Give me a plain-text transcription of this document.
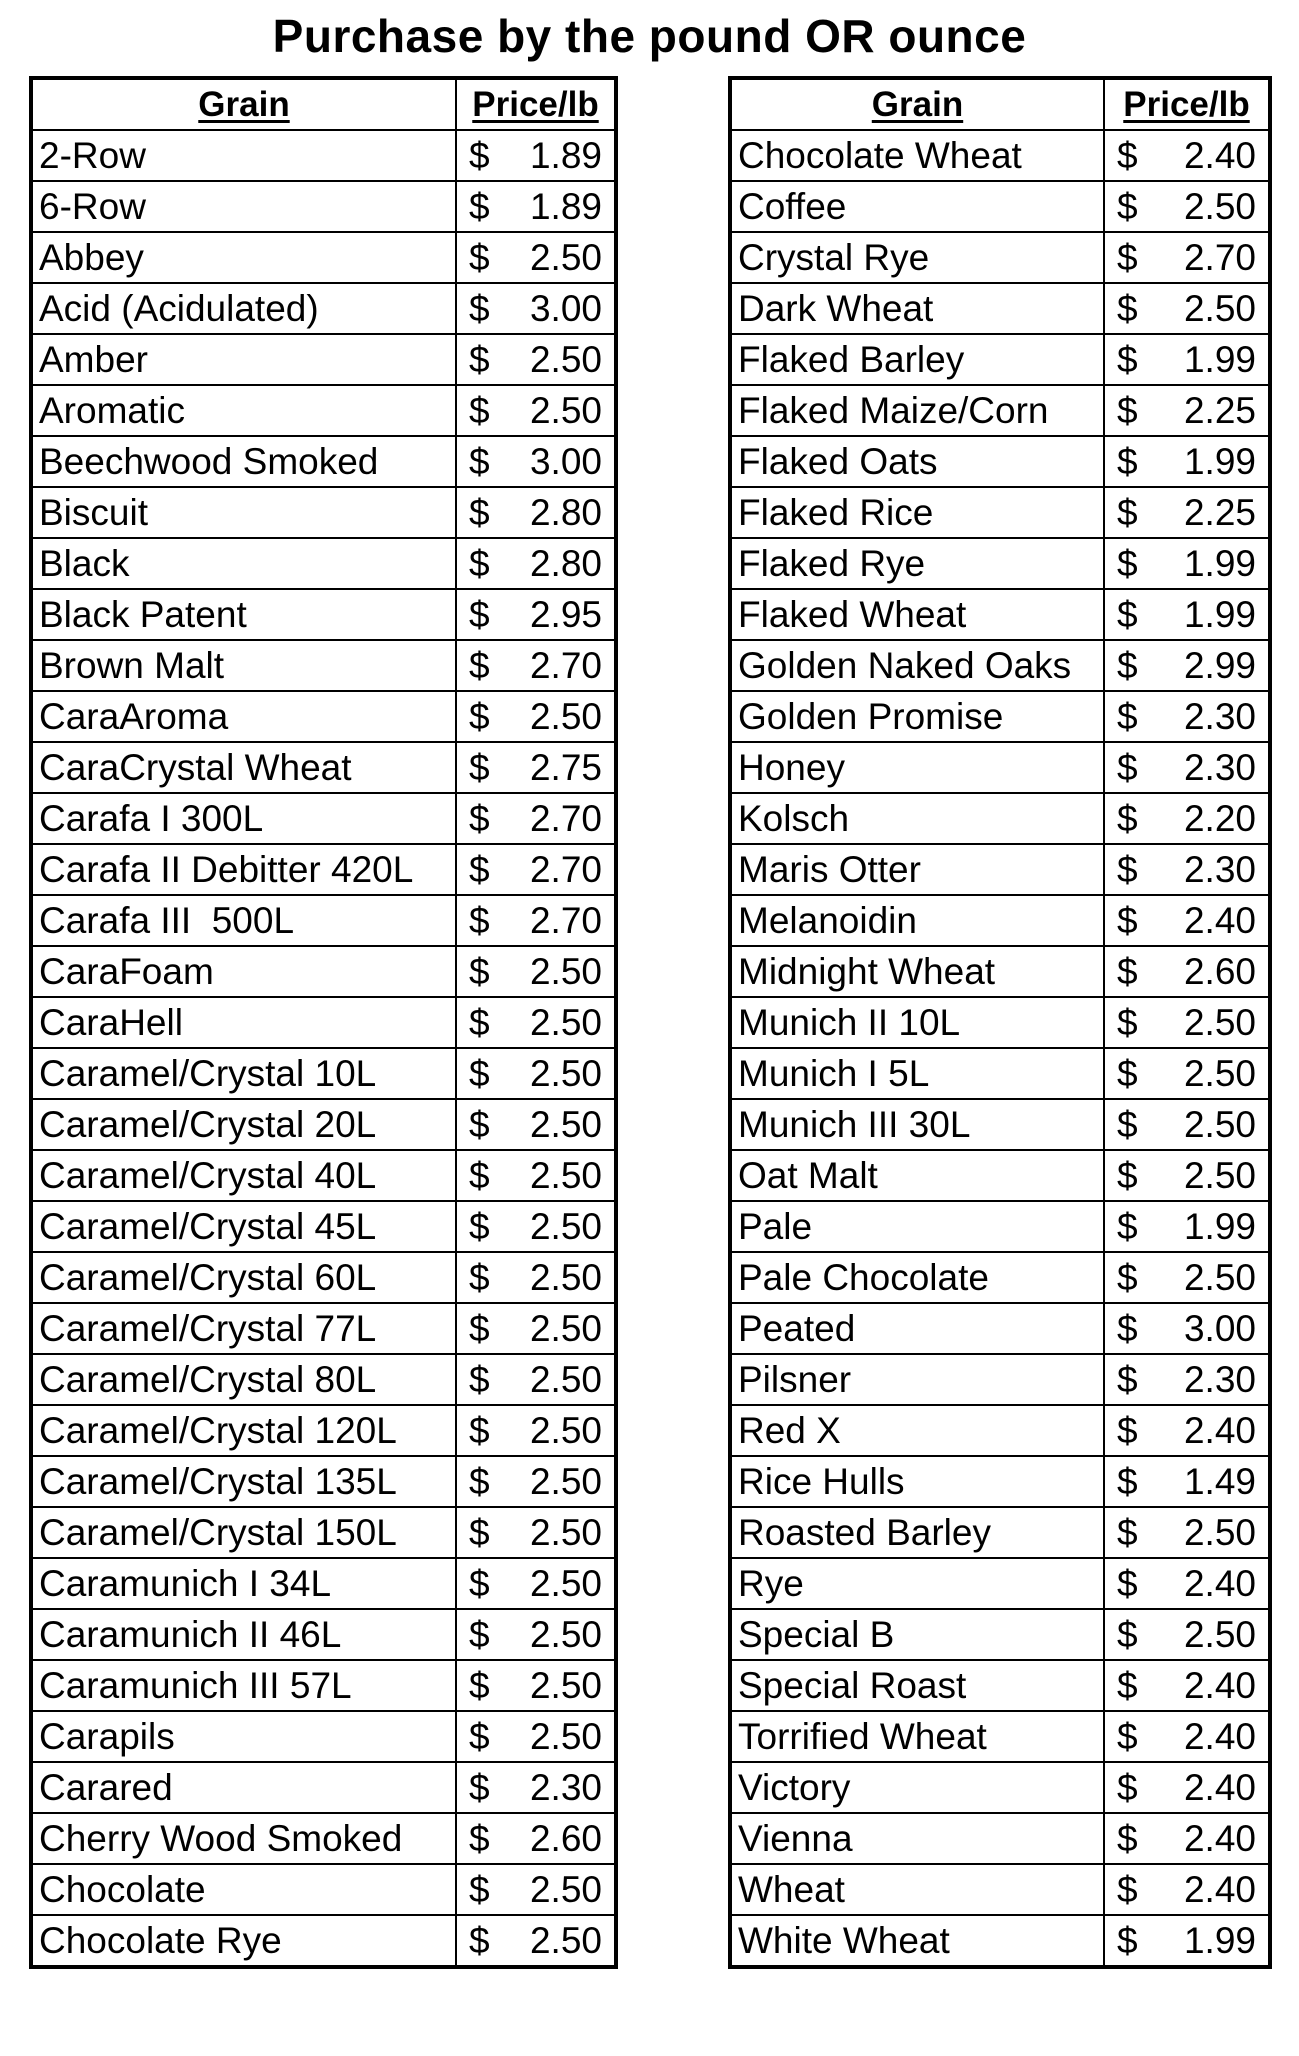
Purchase by the pound OR ounce
Grain	Price/lb
2-Row	$ 1.89

6-Row	$ 1.89

Abbey	$ 2.50

Acid (Acidulated)	$ 3.00

Amber	$ 2.50

Aromatic	$ 2.50

Beechwood Smoked	$ 3.00

Biscuit	$ 2.80

Black	$ 2.80

Black Patent	$ 2.95

Brown Malt	$ 2.70

CaraAroma	$ 2.50

CaraCrystal Wheat	$ 2.75

Carafa I 300L	$ 2.70

Carafa II Debitter 420L	$ 2.70

Carafa III  500L	$ 2.70

CaraFoam	$ 2.50

CaraHell	$ 2.50

Caramel/Crystal 10L	$ 2.50

Caramel/Crystal 20L	$ 2.50

Caramel/Crystal 40L	$ 2.50

Caramel/Crystal 45L	$ 2.50

Caramel/Crystal 60L	$ 2.50

Caramel/Crystal 77L	$ 2.50

Caramel/Crystal 80L	$ 2.50

Caramel/Crystal 120L	$ 2.50

Caramel/Crystal 135L	$ 2.50

Caramel/Crystal 150L	$ 2.50

Caramunich I 34L	$ 2.50

Caramunich II 46L	$ 2.50

Caramunich III 57L	$ 2.50

Carapils	$ 2.50

Carared	$ 2.30

Cherry Wood Smoked	$ 2.60

Chocolate	$ 2.50

Chocolate Rye	$ 2.50
Grain	Price/lb
Chocolate Wheat	$ 2.40

Coffee	$ 2.50

Crystal Rye	$ 2.70

Dark Wheat	$ 2.50

Flaked Barley	$ 1.99

Flaked Maize/Corn	$ 2.25

Flaked Oats	$ 1.99

Flaked Rice	$ 2.25

Flaked Rye	$ 1.99

Flaked Wheat	$ 1.99

Golden Naked Oaks	$ 2.99

Golden Promise	$ 2.30

Honey	$ 2.30

Kolsch	$ 2.20

Maris Otter	$ 2.30

Melanoidin	$ 2.40

Midnight Wheat	$ 2.60

Munich II 10L	$ 2.50

Munich I 5L	$ 2.50

Munich III 30L	$ 2.50

Oat Malt	$ 2.50

Pale	$ 1.99

Pale Chocolate	$ 2.50

Peated	$ 3.00

Pilsner	$ 2.30

Red X	$ 2.40

Rice Hulls	$ 1.49

Roasted Barley	$ 2.50

Rye	$ 2.40

Special B	$ 2.50

Special Roast	$ 2.40

Torrified Wheat	$ 2.40

Victory	$ 2.40

Vienna	$ 2.40

Wheat	$ 2.40

White Wheat	$ 1.99
